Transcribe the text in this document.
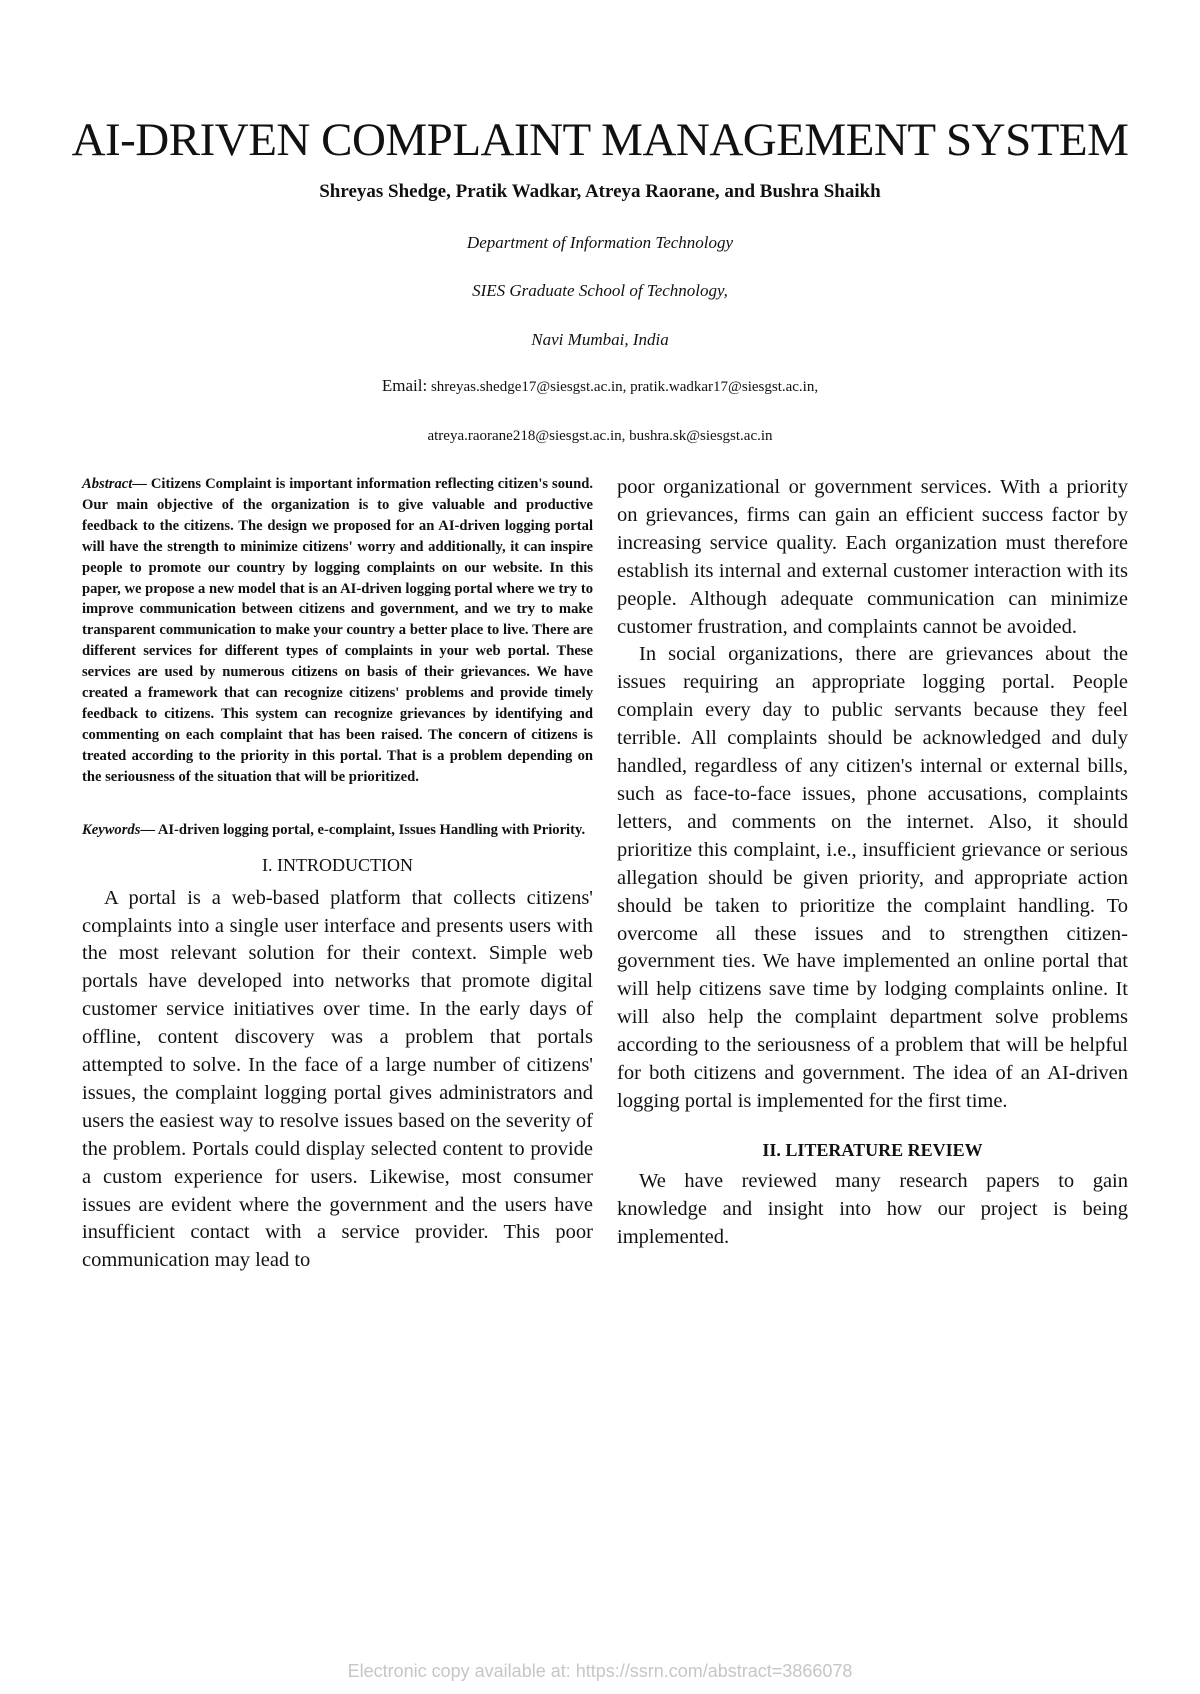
AI-DRIVEN COMPLAINT MANAGEMENT SYSTEM
Shreyas Shedge, Pratik Wadkar, Atreya Raorane, and Bushra Shaikh
Department of Information Technology
SIES Graduate School of Technology,
Navi Mumbai, India
Email: shreyas.shedge17@siesgst.ac.in, pratik.wadkar17@siesgst.ac.in,
atreya.raorane218@siesgst.ac.in, bushra.sk@siesgst.ac.in

Abstract— Citizens Complaint is important information reflecting citizen's sound. Our main objective of the organization is to give valuable and productive feedback to the citizens. The design we proposed for an AI-driven logging portal will have the strength to minimize citizens' worry and additionally, it can inspire people to promote our country by logging complaints on our website. In this paper, we propose a new model that is an AI-driven logging portal where we try to improve communication between citizens and government, and we try to make transparent communication to make your country a better place to live. There are different services for different types of complaints in your web portal. These services are used by numerous citizens on basis of their grievances. We have created a framework that can recognize citizens' problems and provide timely feedback to citizens. This system can recognize grievances by identifying and commenting on each complaint that has been raised. The concern of citizens is treated according to the priority in this portal. That is a problem depending on the seriousness of the situation that will be prioritized.

Keywords— AI-driven logging portal, e-complaint, Issues Handling with Priority.

I. INTRODUCTION

A portal is a web-based platform that collects citizens' complaints into a single user interface and presents users with the most relevant solution for their context. Simple web portals have developed into networks that promote digital customer service initiatives over time. In the early days of offline, content discovery was a problem that portals attempted to solve. In the face of a large number of citizens' issues, the complaint logging portal gives administrators and users the easiest way to resolve issues based on the severity of the problem. Portals could display selected content to provide a custom experience for users. Likewise, most consumer issues are evident where the government and the users have insufficient contact with a service provider. This poor communication may lead to

poor organizational or government services. With a priority on grievances, firms can gain an efficient success factor by increasing service quality. Each organization must therefore establish its internal and external customer interaction with its people. Although adequate communication can minimize customer frustration, and complaints cannot be avoided.

In social organizations, there are grievances about the issues requiring an appropriate logging portal. People complain every day to public servants because they feel terrible. All complaints should be acknowledged and duly handled, regardless of any citizen's internal or external bills, such as face-to-face issues, phone accusations, complaints letters, and comments on the internet. Also, it should prioritize this complaint, i.e., insufficient grievance or serious allegation should be given priority, and appropriate action should be taken to prioritize the complaint handling. To overcome all these issues and to strengthen citizen-government ties. We have implemented an online portal that will help citizens save time by lodging complaints online. It will also help the complaint department solve problems according to the seriousness of a problem that will be helpful for both citizens and government. The idea of an AI-driven logging portal is implemented for the first time.

II. LITERATURE REVIEW

We have reviewed many research papers to gain knowledge and insight into how our project is being implemented.

Electronic copy available at: https://ssrn.com/abstract=3866078
